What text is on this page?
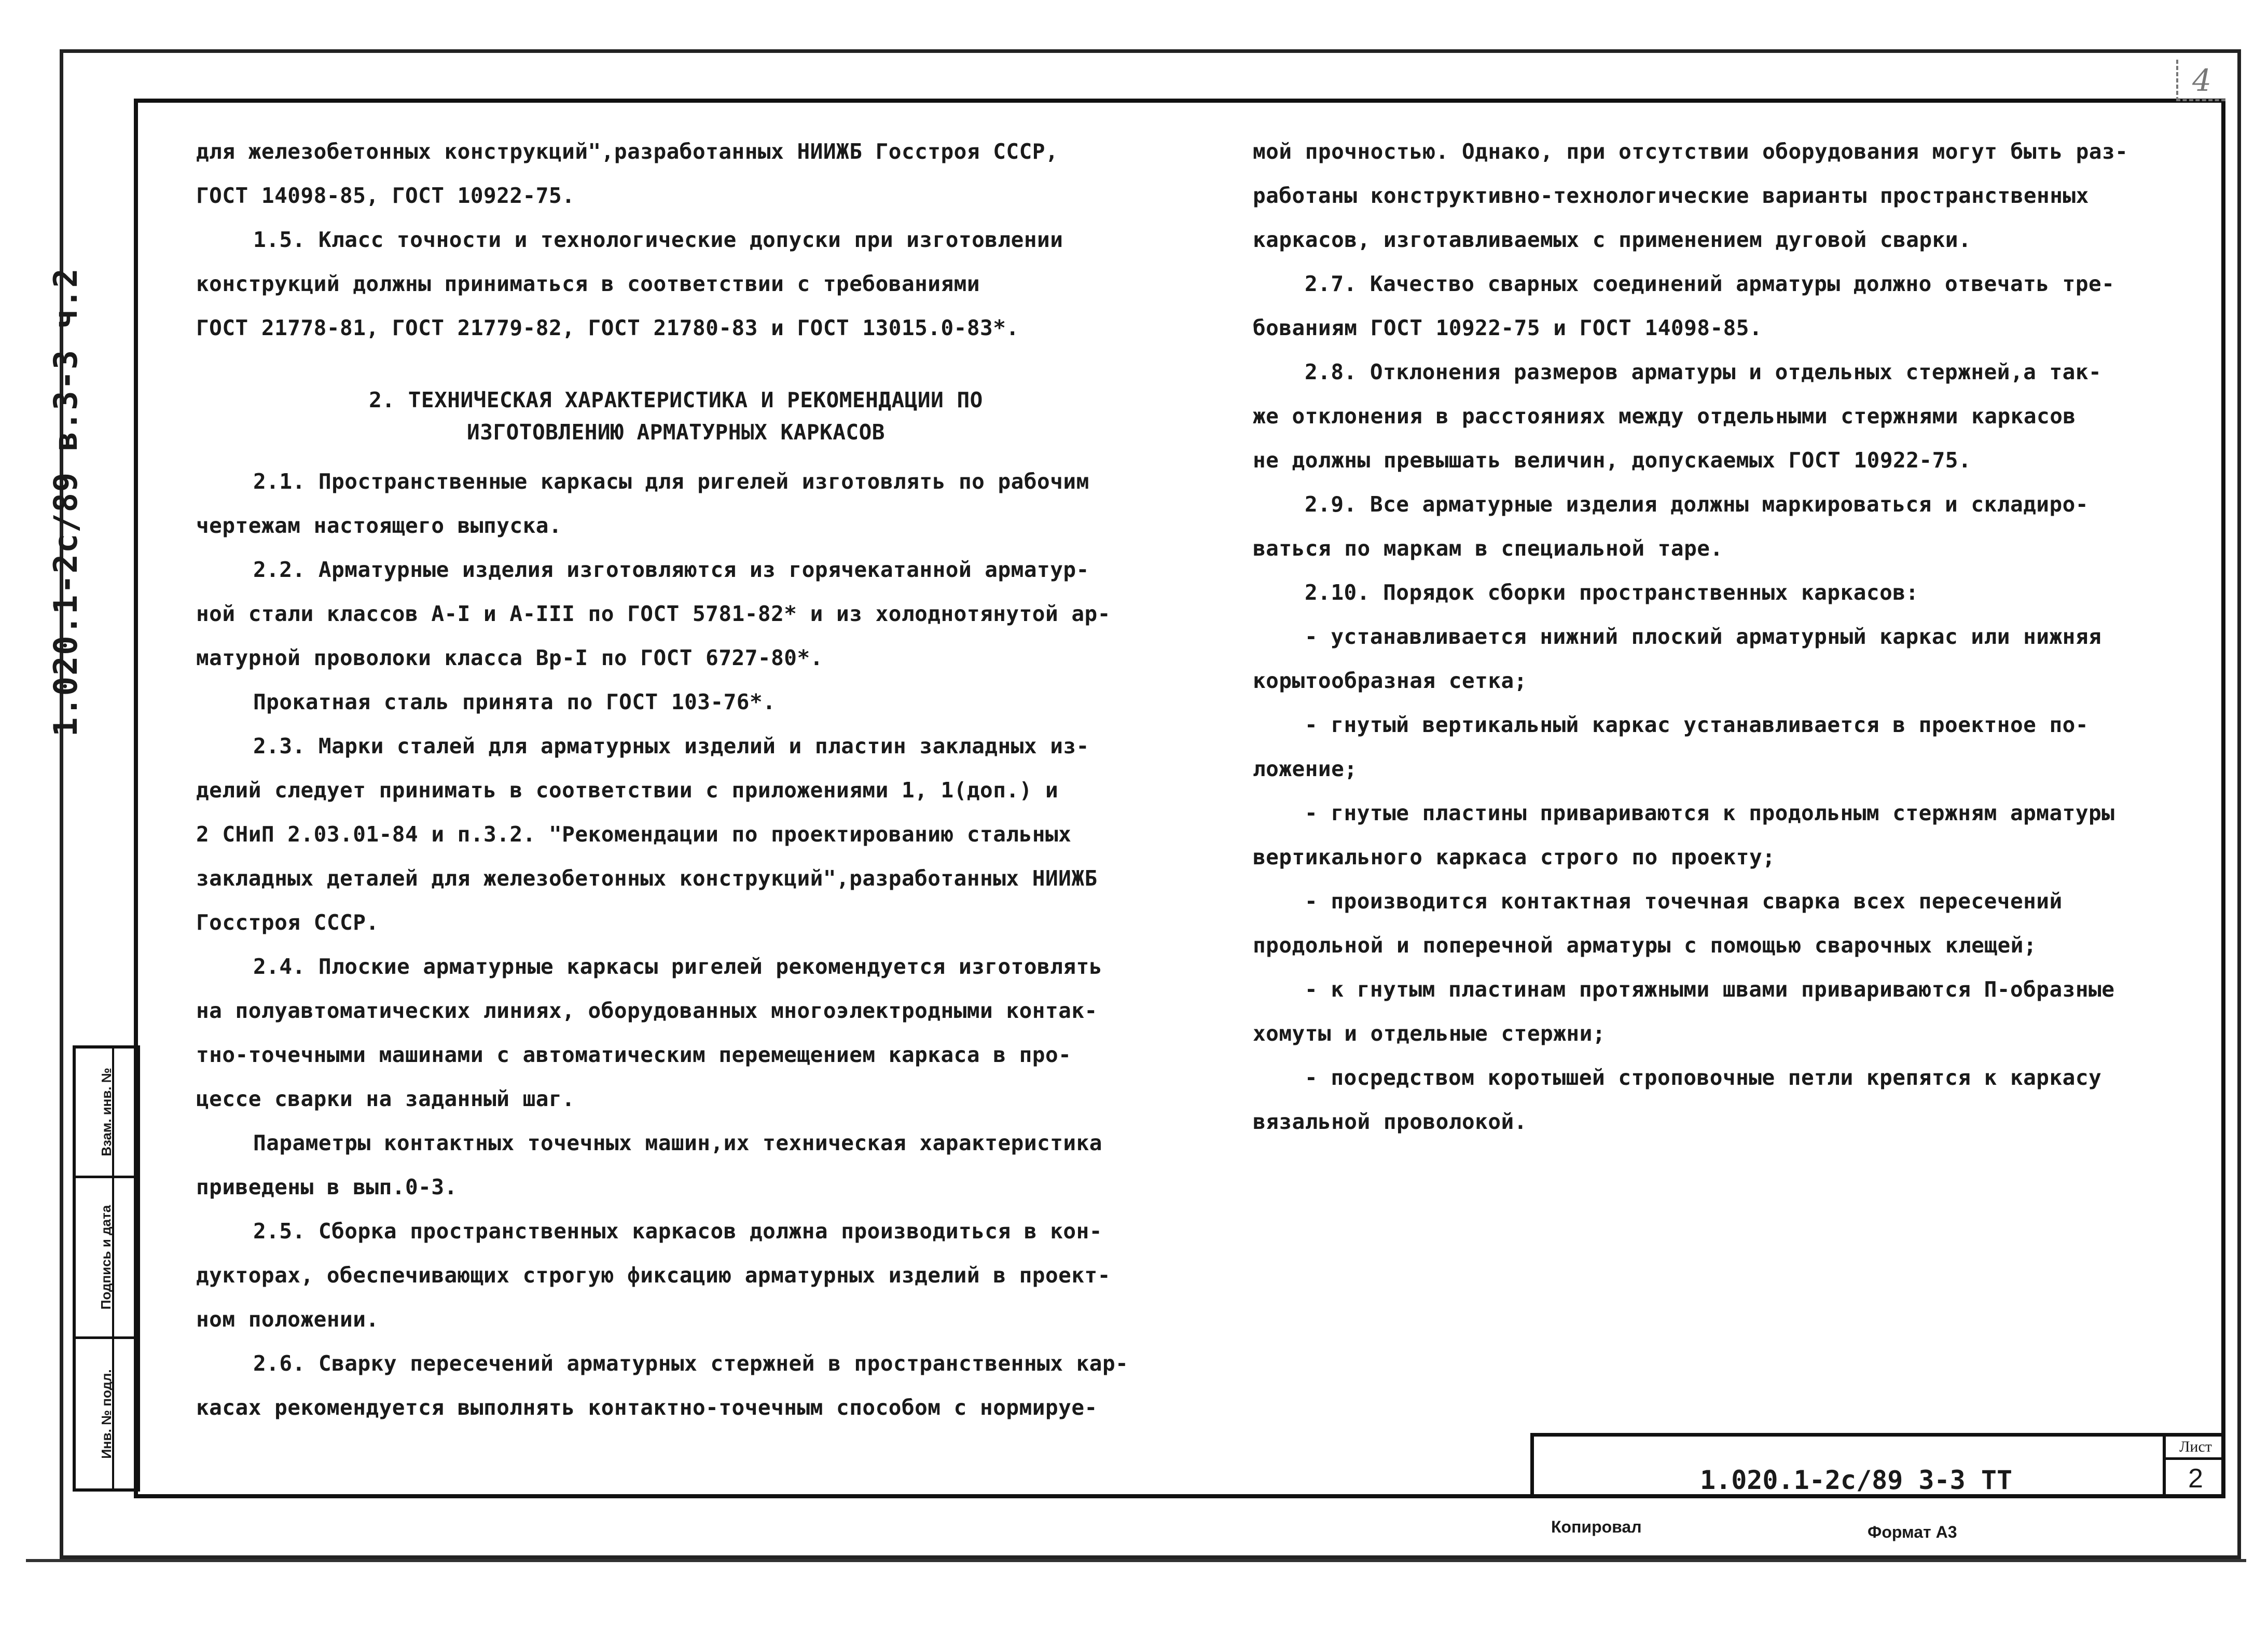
4
1.020.1-2c/89 в.3-3 ч.2
для железобетонных конструкций",разработанных НИИЖБ Госстроя СССР,
ГОСТ 14098-85, ГОСТ 10922-75.
1.5. Класс точности и технологические допуски при изготовлении
конструкций должны приниматься в соответствии с требованиями
ГОСТ 21778-81, ГОСТ 21779-82, ГОСТ 21780-83 и ГОСТ 13015.0-83*.
2. ТЕХНИЧЕСКАЯ ХАРАКТЕРИСТИКА И РЕКОМЕНДАЦИИ ПО
ИЗГОТОВЛЕНИЮ АРМАТУРНЫХ КАРКАСОВ
2.1. Пространственные каркасы для ригелей изготовлять по рабочим
чертежам настоящего выпуска.
2.2. Арматурные изделия изготовляются из горячекатанной арматур-
ной стали классов А-I и А-III по ГОСТ 5781-82* и из холоднотянутой ар-
матурной проволоки класса Вр-I по ГОСТ 6727-80*.
Прокатная сталь принята по ГОСТ 103-76*.
2.3. Марки сталей для арматурных изделий и пластин закладных из-
делий следует принимать в соответствии с приложениями 1, 1(доп.) и
2 СНиП 2.03.01-84 и п.3.2. "Рекомендации по проектированию стальных
закладных деталей для железобетонных конструкций",разработанных НИИЖБ
Госстроя СССР.
2.4. Плоские арматурные каркасы ригелей рекомендуется изготовлять
на полуавтоматических линиях, оборудованных многоэлектродными контак-
тно-точечными машинами с автоматическим перемещением каркаса в про-
цессе сварки на заданный шаг.
Параметры контактных точечных машин,их техническая характеристика
приведены в вып.0-3.
2.5. Сборка пространственных каркасов должна производиться в кон-
дукторах, обеспечивающих строгую фиксацию арматурных изделий в проект-
ном положении.
2.6. Сварку пересечений арматурных стержней в пространственных кар-
касах рекомендуется выполнять контактно-точечным способом с нормируе-
мой прочностью. Однако, при отсутствии оборудования могут быть раз-
работаны конструктивно-технологические варианты пространственных
каркасов, изготавливаемых с применением дуговой сварки.
2.7. Качество сварных соединений арматуры должно отвечать тре-
бованиям ГОСТ 10922-75 и ГОСТ 14098-85.
2.8. Отклонения размеров арматуры и отдельных стержней,а так-
же отклонения в расстояниях между отдельными стержнями каркасов
не должны превышать величин, допускаемых ГОСТ 10922-75.
2.9. Все арматурные изделия должны маркироваться и складиро-
ваться по маркам в специальной таре.
2.10. Порядок сборки пространственных каркасов:
- устанавливается нижний плоский арматурный каркас или нижняя
корытообразная сетка;
- гнутый вертикальный каркас устанавливается в проектное по-
ложение;
- гнутые пластины привариваются к продольным стержням арматуры
вертикального каркаса строго по проекту;
- производится контактная точечная сварка всех пересечений
продольной и поперечной арматуры с помощью сварочных клещей;
- к гнутым пластинам протяжными швами привариваются П-образные
хомуты и отдельные стержни;
- посредством коротышей строповочные петли крепятся к каркасу
вязальной проволокой.
Взам. инв. №
Подпись и дата
Инв. № подл.
1.020.1-2с/89 3-3 ТТ
Лист
2
Копировал	Формат А3
